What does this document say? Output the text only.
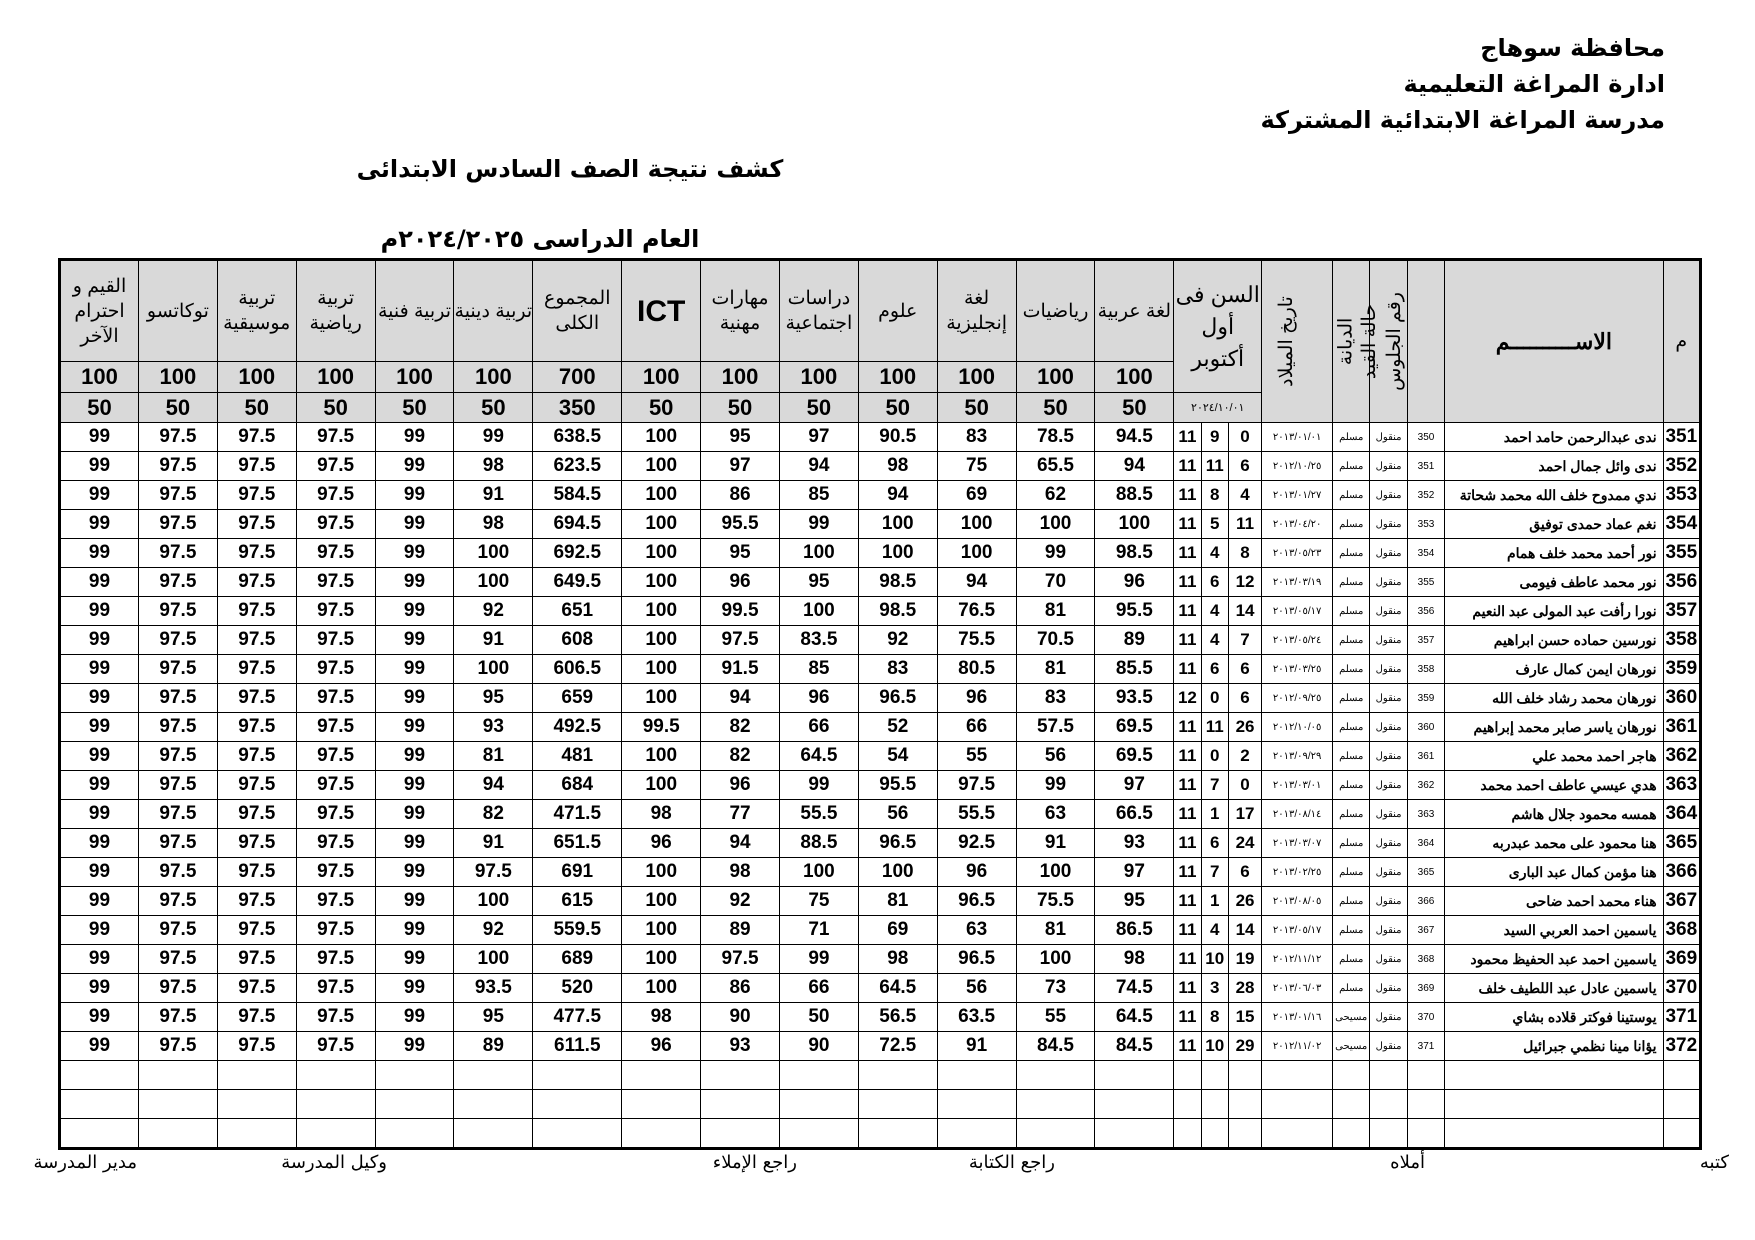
محافظة سوهاج
ادارة المراغة التعليمية
مدرسة المراغة الابتدائية المشتركة
كشف نتيجة الصف السادس الابتدائى
العام الدراسى ٢٠٢٤/٢٠٢٥م
م	الاســــــــــم	رقم الجلوس	حالة القيد	الديانة	تاريخ الميلاد	السن فى أول أكتوبر			لغة عربية	رياضيات	لغة إنجليزية	علوم	دراسات اجتماعية	مهارات مهنية	ICT	المجموع الكلى	تربية دينية	تربية فنية	تربية رياضية	تربية موسيقية	توكاتسو	القيم و احترام الآخر
									100	100	100	100	100	100	100	700	100	100	100	100	100	100
						٢٠٢٤/١٠/٠١			50	50	50	50	50	50	50	350	50	50	50	50	50	50
351	ندى عبدالرحمن حامد احمد	350	منقول	مسلم	٢٠١٣/٠١/٠١	0	9	11	94.5	78.5	83	90.5	97	95	100	638.5	99	99	97.5	97.5	97.5	99
352	ندى وائل جمال احمد	351	منقول	مسلم	٢٠١٢/١٠/٢٥	6	11	11	94	65.5	75	98	94	97	100	623.5	98	99	97.5	97.5	97.5	99
353	ندي ممدوح خلف الله محمد شحاتة	352	منقول	مسلم	٢٠١٣/٠١/٢٧	4	8	11	88.5	62	69	94	85	86	100	584.5	91	99	97.5	97.5	97.5	99
354	نغم عماد حمدى توفيق	353	منقول	مسلم	٢٠١٣/٠٤/٢٠	11	5	11	100	100	100	100	99	95.5	100	694.5	98	99	97.5	97.5	97.5	99
355	نور أحمد محمد خلف همام	354	منقول	مسلم	٢٠١٣/٠٥/٢٣	8	4	11	98.5	99	100	100	100	95	100	692.5	100	99	97.5	97.5	97.5	99
356	نور محمد عاطف فيومى	355	منقول	مسلم	٢٠١٣/٠٣/١٩	12	6	11	96	70	94	98.5	95	96	100	649.5	100	99	97.5	97.5	97.5	99
357	نورا رأفت عبد المولى عبد النعيم	356	منقول	مسلم	٢٠١٣/٠٥/١٧	14	4	11	95.5	81	76.5	98.5	100	99.5	100	651	92	99	97.5	97.5	97.5	99
358	نورسين حماده حسن ابراهيم	357	منقول	مسلم	٢٠١٣/٠٥/٢٤	7	4	11	89	70.5	75.5	92	83.5	97.5	100	608	91	99	97.5	97.5	97.5	99
359	نورهان ايمن كمال عارف	358	منقول	مسلم	٢٠١٣/٠٣/٢٥	6	6	11	85.5	81	80.5	83	85	91.5	100	606.5	100	99	97.5	97.5	97.5	99
360	نورهان محمد رشاد خلف الله	359	منقول	مسلم	٢٠١٢/٠٩/٢٥	6	0	12	93.5	83	96	96.5	96	94	100	659	95	99	97.5	97.5	97.5	99
361	نورهان ياسر صابر محمد إبراهيم	360	منقول	مسلم	٢٠١٢/١٠/٠٥	26	11	11	69.5	57.5	66	52	66	82	99.5	492.5	93	99	97.5	97.5	97.5	99
362	هاجر احمد محمد علي	361	منقول	مسلم	٢٠١٣/٠٩/٢٩	2	0	11	69.5	56	55	54	64.5	82	100	481	81	99	97.5	97.5	97.5	99
363	هدي عيسي عاطف احمد محمد	362	منقول	مسلم	٢٠١٣/٠٣/٠١	0	7	11	97	99	97.5	95.5	99	96	100	684	94	99	97.5	97.5	97.5	99
364	همسه محمود جلال هاشم	363	منقول	مسلم	٢٠١٣/٠٨/١٤	17	1	11	66.5	63	55.5	56	55.5	77	98	471.5	82	99	97.5	97.5	97.5	99
365	هنا محمود على محمد عبدربه	364	منقول	مسلم	٢٠١٣/٠٣/٠٧	24	6	11	93	91	92.5	96.5	88.5	94	96	651.5	91	99	97.5	97.5	97.5	99
366	هنا مؤمن كمال عبد البارى	365	منقول	مسلم	٢٠١٣/٠٢/٢٥	6	7	11	97	100	96	100	100	98	100	691	97.5	99	97.5	97.5	97.5	99
367	هناء محمد احمد ضاحى	366	منقول	مسلم	٢٠١٣/٠٨/٠٥	26	1	11	95	75.5	96.5	81	75	92	100	615	100	99	97.5	97.5	97.5	99
368	ياسمين احمد العربي السيد	367	منقول	مسلم	٢٠١٣/٠٥/١٧	14	4	11	86.5	81	63	69	71	89	100	559.5	92	99	97.5	97.5	97.5	99
369	ياسمين احمد عبد الحفيظ محمود	368	منقول	مسلم	٢٠١٢/١١/١٢	19	10	11	98	100	96.5	98	99	97.5	100	689	100	99	97.5	97.5	97.5	99
370	ياسمين عادل عبد اللطيف خلف	369	منقول	مسلم	٢٠١٣/٠٦/٠٣	28	3	11	74.5	73	56	64.5	66	86	100	520	93.5	99	97.5	97.5	97.5	99
371	يوستينا فوكتر قلاده بشاي	370	منقول	مسيحى	٢٠١٣/٠١/١٦	15	8	11	64.5	55	63.5	56.5	50	90	98	477.5	95	99	97.5	97.5	97.5	99
372	يؤانا مينا نظمي جبرائيل	371	منقول	مسيحى	٢٠١٢/١١/٠٢	29	10	11	84.5	84.5	91	72.5	90	93	96	611.5	89	99	97.5	97.5	97.5	99

كتبه
أملاه
راجع الكتابة
راجع الإملاء
وكيل المدرسة
مدير المدرسة
